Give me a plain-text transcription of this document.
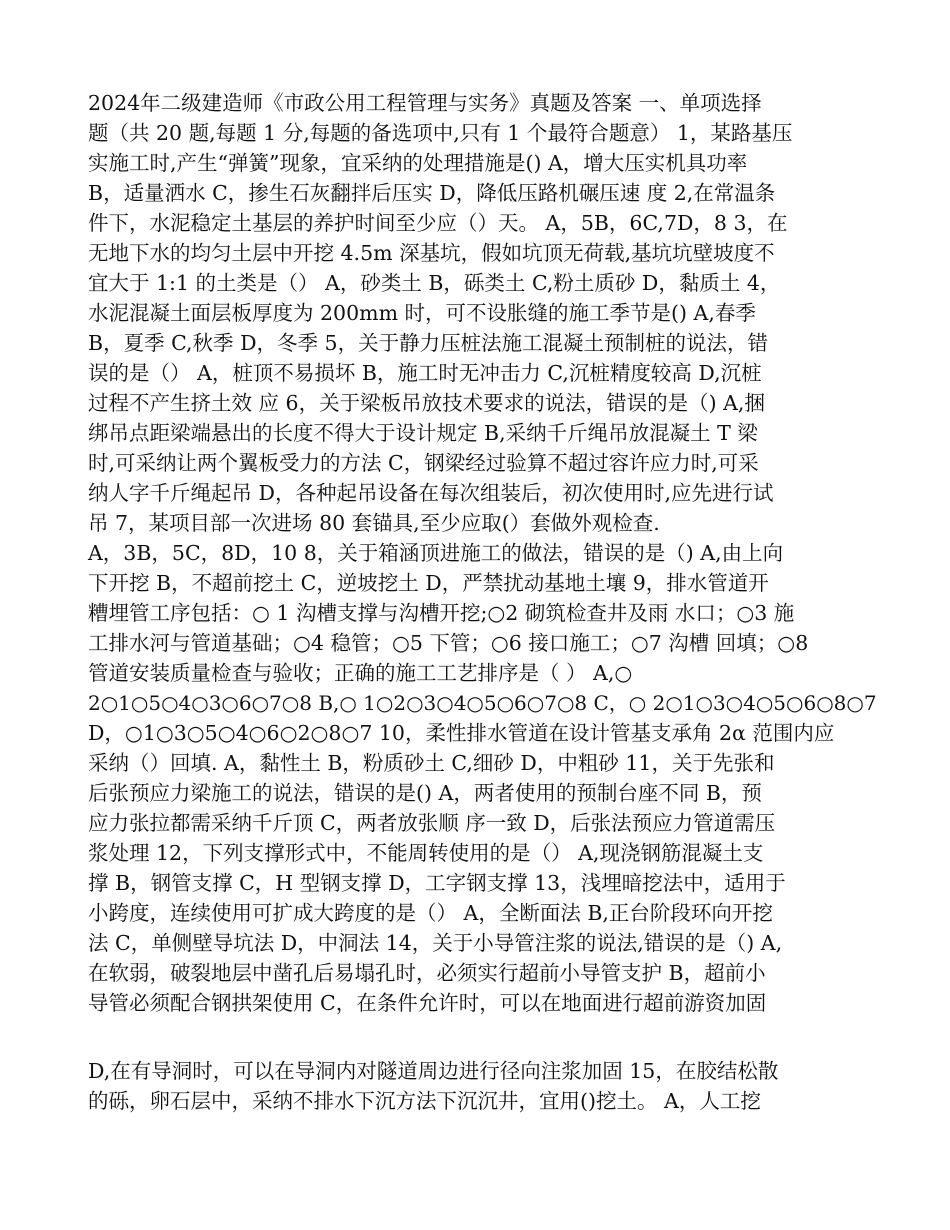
2024年二级建造师《市政公用工程管理与实务》真题及答案 一、单项选择
题（共 20 题,每题 1 分,每题的备选项中,只有 1 个最符合题意） 1，某路基压
实施工时,产生“弹簧”现象，宜采纳的处理措施是() A，增大压实机具功率
B，适量洒水 C，掺生石灰翻拌后压实 D，降低压路机碾压速 度 2,在常温条
件下，水泥稳定土基层的养护时间至少应（）天。 A，5B，6C,7D，8 3，在
无地下水的均匀土层中开挖 4.5m 深基坑，假如坑顶无荷载,基坑坑壁坡度不
宜大于 1:1 的土类是（） A，砂类土 B，砾类土 C,粉土质砂 D，黏质土 4，
水泥混凝土面层板厚度为 200mm 时，可不设胀缝的施工季节是() A,春季
B，夏季 C,秋季 D，冬季 5，关于静力压桩法施工混凝土预制桩的说法，错
误的是（） A，桩顶不易损坏 B，施工时无冲击力 C,沉桩精度较高 D,沉桩
过程不产生挤土效 应 6，关于梁板吊放技术要求的说法，错误的是（) A,捆
绑吊点距梁端悬出的长度不得大于设计规定 B,采纳千斤绳吊放混凝土 T 梁
时,可采纳让两个翼板受力的方法 C，钢梁经过验算不超过容许应力时,可采
纳人字千斤绳起吊 D，各种起吊设备在每次组装后，初次使用时,应先进行试
吊 7，某项目部一次进场 80 套锚具,至少应取(）套做外观检查.
A，3B，5C，8D，10 8，关于箱涵顶进施工的做法，错误的是（) A,由上向
下开挖 B，不超前挖土 C，逆坡挖土 D，严禁扰动基地土壤 9，排水管道开
糟埋管工序包括：○ 1 沟槽支撑与沟槽开挖;○2 砌筑检查井及雨 水口；○3 施
工排水河与管道基础；○4 稳管；○5 下管；○6 接口施工；○7 沟槽 回填；○8
管道安装质量检查与验收；正确的施工工艺排序是（ ） A,○
2○1○5○4○3○6○7○8 B,○ 1○2○3○4○5○6○7○8 C，○ 2○1○3○4○5○6○8○7
D，○1○3○5○4○6○2○8○7 10，柔性排水管道在设计管基支承角 2α 范围内应
采纳（）回填. A，黏性土 B，粉质砂土 C,细砂 D，中粗砂 11，关于先张和
后张预应力梁施工的说法，错误的是() A，两者使用的预制台座不同 B，预
应力张拉都需采纳千斤顶 C，两者放张顺 序一致 D，后张法预应力管道需压
浆处理 12，下列支撑形式中，不能周转使用的是（） A,现浇钢筋混凝土支
撑 B，钢管支撑 C，H 型钢支撑 D，工字钢支撑 13，浅埋暗挖法中，适用于
小跨度，连续使用可扩成大跨度的是（） A，全断面法 B,正台阶段环向开挖
法 C，单侧壁导坑法 D，中洞法 14，关于小导管注浆的说法,错误的是（) A,
在软弱，破裂地层中凿孔后易塌孔时，必须实行超前小导管支护 B，超前小
导管必须配合钢拱架使用 C，在条件允许时，可以在地面进行超前游资加固
D,在有导洞时，可以在导洞内对隧道周边进行径向注浆加固 15，在胶结松散
的砾，卵石层中，采纳不排水下沉方法下沉沉井，宜用()挖土。 A，人工挖
